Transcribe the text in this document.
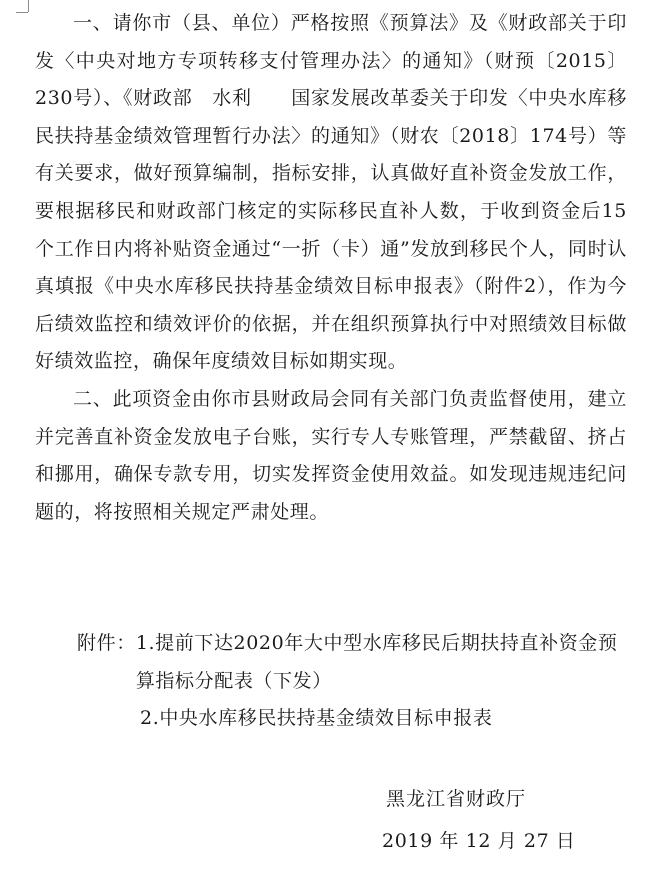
一、请你市（县、单位）严格按照《预算法》及《财政部关于印发〈中央对地方专项转移支付管理办法〉的通知》（财预〔2015〕230号）、《财政部　水利　　国家发展改革委关于印发〈中央水库移民扶持基金绩效管理暂行办法〉的通知》（财农〔2018〕174号）等有关要求，做好预算编制，指标安排，认真做好直补资金发放工作，要根据移民和财政部门核定的实际移民直补人数，于收到资金后15个工作日内将补贴资金通过“一折（卡）通”发放到移民个人，同时认真填报《中央水库移民扶持基金绩效目标申报表》（附件2），作为今后绩效监控和绩效评价的依据，并在组织预算执行中对照绩效目标做好绩效监控，确保年度绩效目标如期实现。

二、此项资金由你市县财政局会同有关部门负责监督使用，建立并完善直补资金发放电子台账，实行专人专账管理，严禁截留、挤占和挪用，确保专款专用，切实发挥资金使用效益。如发现违规违纪问题的，将按照相关规定严肃处理。

附件： 1.提前下达2020年大中型水库移民后期扶持直补资金预算指标分配表（下发）
2.中央水库移民扶持基金绩效目标申报表
黑龙江省财政厅
2019 年 12 月 27 日
